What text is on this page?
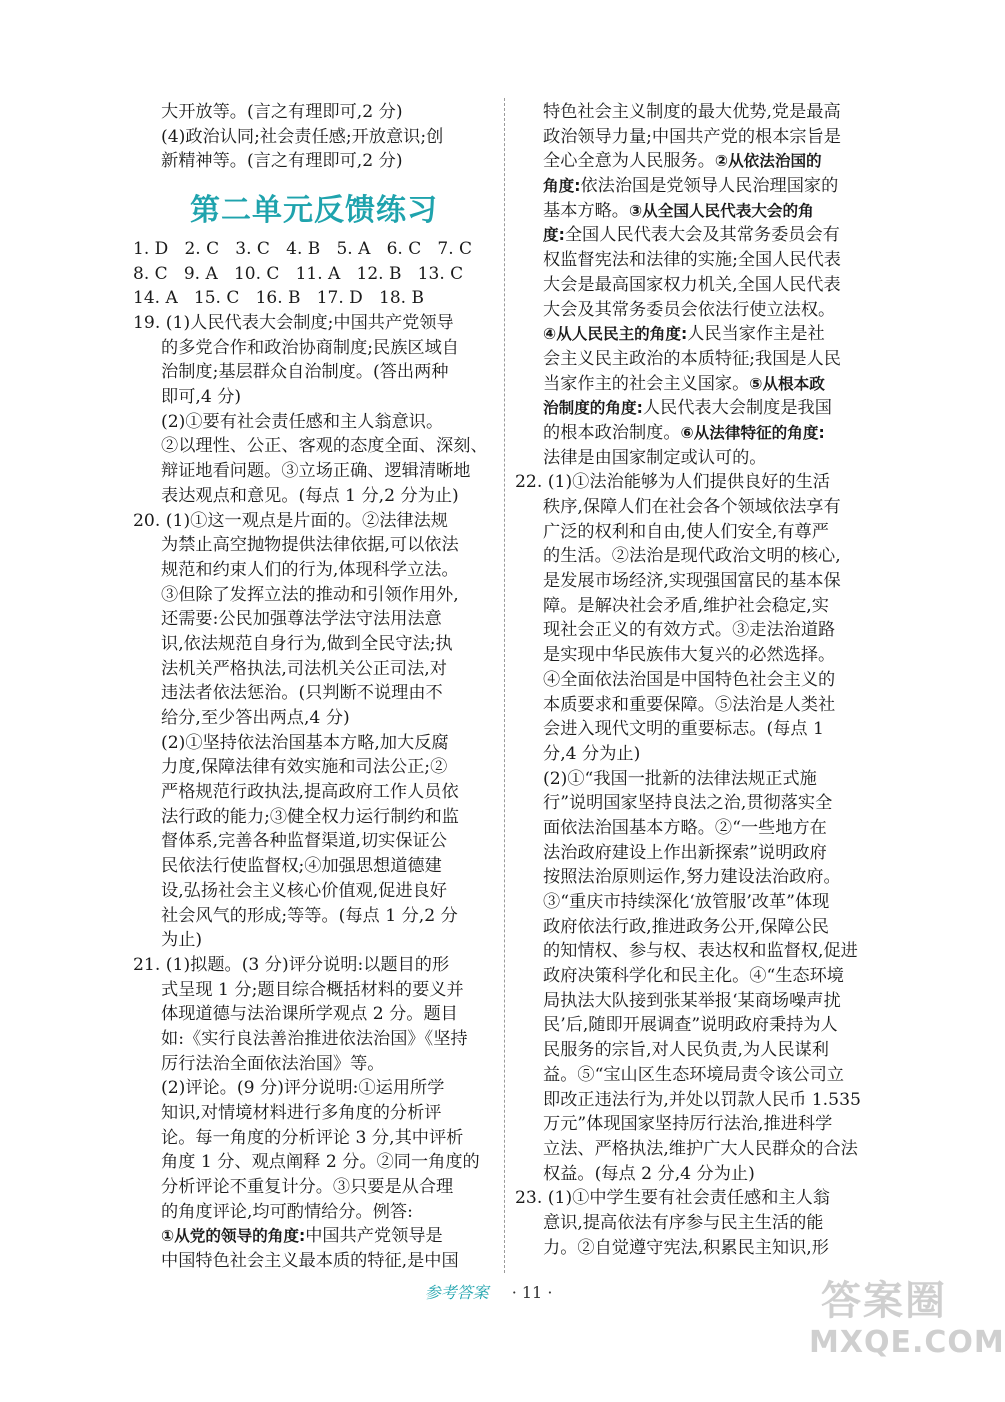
大开放等。(言之有理即可,2 分)
(4)政治认同;社会责任感;开放意识;创
新精神等。(言之有理即可,2 分)
第二单元反馈练习
1. D   2. C   3. C   4. B   5. A   6. C   7. C
8. C   9. A   10. C   11. A   12. B   13. C
14. A   15. C   16. B   17. D   18. B
19. (1)人民代表大会制度;中国共产党领导
的多党合作和政治协商制度;民族区域自
治制度;基层群众自治制度。(答出两种
即可,4 分)
(2)①要有社会责任感和主人翁意识。
②以理性、公正、客观的态度全面、深刻、
辩证地看问题。③立场正确、逻辑清晰地
表达观点和意见。(每点 1 分,2 分为止)
20. (1)①这一观点是片面的。②法律法规
为禁止高空抛物提供法律依据,可以依法
规范和约束人们的行为,体现科学立法。
③但除了发挥立法的推动和引领作用外,
还需要:公民加强尊法学法守法用法意
识,依法规范自身行为,做到全民守法;执
法机关严格执法,司法机关公正司法,对
违法者依法惩治。(只判断不说理由不
给分,至少答出两点,4 分)
(2)①坚持依法治国基本方略,加大反腐
力度,保障法律有效实施和司法公正;②
严格规范行政执法,提高政府工作人员依
法行政的能力;③健全权力运行制约和监
督体系,完善各种监督渠道,切实保证公
民依法行使监督权;④加强思想道德建
设,弘扬社会主义核心价值观,促进良好
社会风气的形成;等等。(每点 1 分,2 分
为止)
21. (1)拟题。(3 分)评分说明:以题目的形
式呈现 1 分;题目综合概括材料的要义并
体现道德与法治课所学观点 2 分。题目
如:《实行良法善治推进依法治国》《坚持
厉行法治全面依法治国》等。
(2)评论。(9 分)评分说明:①运用所学
知识,对情境材料进行多角度的分析评
论。每一角度的分析评论 3 分,其中评析
角度 1 分、观点阐释 2 分。②同一角度的
分析评论不重复计分。③只要是从合理
的角度评论,均可酌情给分。例答:
①从党的领导的角度:中国共产党领导是
中国特色社会主义最本质的特征,是中国
特色社会主义制度的最大优势,党是最高
政治领导力量;中国共产党的根本宗旨是
全心全意为人民服务。②从依法治国的
角度:依法治国是党领导人民治理国家的
基本方略。③从全国人民代表大会的角
度:全国人民代表大会及其常务委员会有
权监督宪法和法律的实施;全国人民代表
大会是最高国家权力机关,全国人民代表
大会及其常务委员会依法行使立法权。
④从人民民主的角度:人民当家作主是社
会主义民主政治的本质特征;我国是人民
当家作主的社会主义国家。⑤从根本政
治制度的角度:人民代表大会制度是我国
的根本政治制度。⑥从法律特征的角度:
法律是由国家制定或认可的。
22. (1)①法治能够为人们提供良好的生活
秩序,保障人们在社会各个领域依法享有
广泛的权利和自由,使人们安全,有尊严
的生活。②法治是现代政治文明的核心,
是发展市场经济,实现强国富民的基本保
障。是解决社会矛盾,维护社会稳定,实
现社会正义的有效方式。③走法治道路
是实现中华民族伟大复兴的必然选择。
④全面依法治国是中国特色社会主义的
本质要求和重要保障。⑤法治是人类社
会进入现代文明的重要标志。(每点 1
分,4 分为止)
(2)①“我国一批新的法律法规正式施
行”说明国家坚持良法之治,贯彻落实全
面依法治国基本方略。②“一些地方在
法治政府建设上作出新探索”说明政府
按照法治原则运作,努力建设法治政府。
③“重庆市持续深化‘放管服’改革”体现
政府依法行政,推进政务公开,保障公民
的知情权、参与权、表达权和监督权,促进
政府决策科学化和民主化。④“生态环境
局执法大队接到张某举报‘某商场噪声扰
民’后,随即开展调查”说明政府秉持为人
民服务的宗旨,对人民负责,为人民谋利
益。⑤“宝山区生态环境局责令该公司立
即改正违法行为,并处以罚款人民币 1.535
万元”体现国家坚持厉行法治,推进科学
立法、严格执法,维护广大人民群众的合法
权益。(每点 2 分,4 分为止)
23. (1)①中学生要有社会责任感和主人翁
意识,提高依法有序参与民主生活的能
力。②自觉遵守宪法,积累民主知识,形
参考答案 · 11 ·	答案圈
MXQE.COM
